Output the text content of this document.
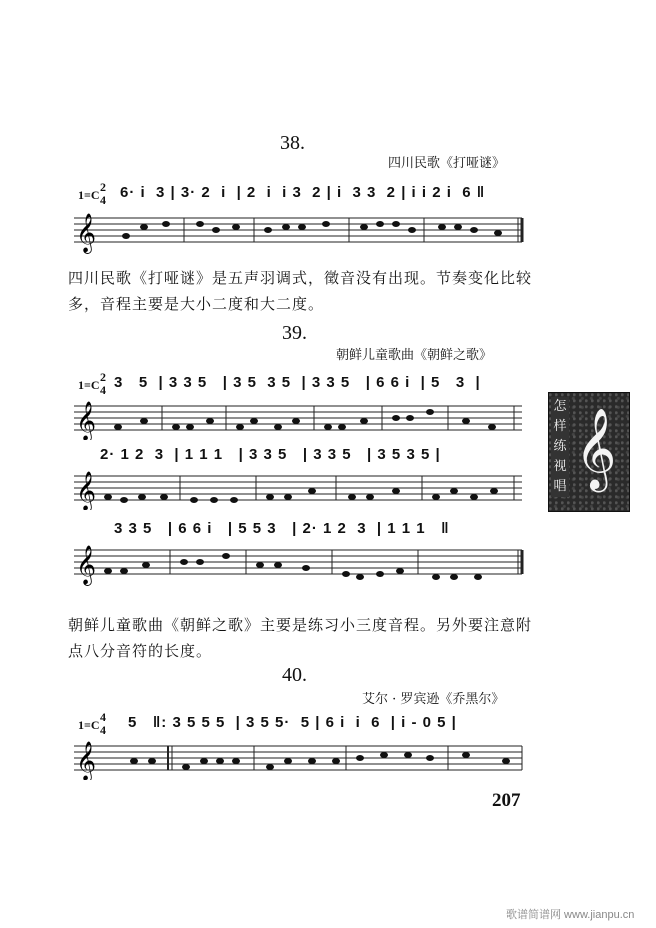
38.
四川民歌《打哑谜》
1=C
2
4 6· i  3 | 3· 2  i  | 2  i  i 3  2 | i  3 3  2 | i i 2 i  6 ‖
𝄞
四川民歌《打哑谜》是五声羽调式，徵音没有出现。节奏变化比较多，音程主要是大小二度和大二度。
39.
朝鲜儿童歌曲《朝鲜之歌》
1=C
2
4 3   5  | 3 3 5   | 3 5  3 5  | 3 3 5   | 6 6 i  | 5   3  |
𝄞
2· 1 2  3  | 1 1 1   | 3 3 5   | 3 3 5   | 3 5 3 5 |
𝄞
3 3 5   | 6 6 i   | 5 5 3   | 2· 1 2  3  | 1 1 1   ‖
𝄞
朝鲜儿童歌曲《朝鲜之歌》主要是练习小三度音程。另外要注意附点八分音符的长度。
40.
艾尔 · 罗宾逊《乔黑尔》
1=C
4
4 5   ‖: 3 5 5 5  | 3 5 5·  5 | 6 i  i  6  | i - 0 5 |
𝄞
怎样练视唱 𝄞
207
歌谱简谱网 www.jianpu.cn
